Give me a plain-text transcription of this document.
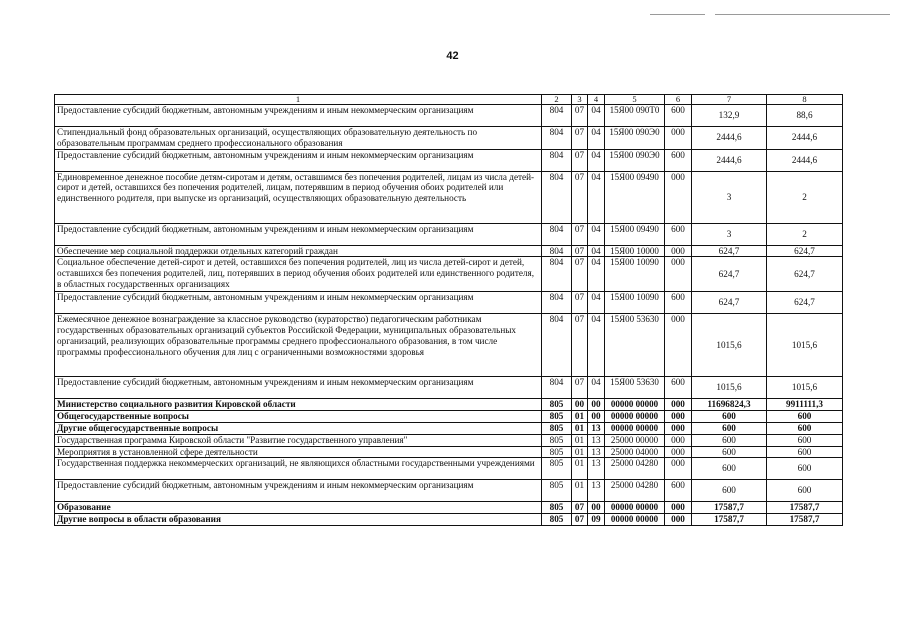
42
1	2	3	4	5	6	7	8
Предоставление субсидий бюджетным, автономным учреждениям и иным некоммерческим организациям	804	07	04	15Я00 090Т0	600	132,9	88,6
Стипендиальный фонд образовательных организаций, осуществляющих образовательную деятельность по образовательным программам среднего профессионального образования	804	07	04	15Я00 090Э0	000	2444,6	2444,6
Предоставление субсидий бюджетным, автономным учреждениям и иным некоммерческим организациям	804	07	04	15Я00 090Э0	600	2444,6	2444,6
Единовременное денежное пособие детям-сиротам и детям, оставшимся без попечения родителей, лицам из числа детей-сирот и детей, оставшихся без попечения родителей, лицам, потерявшим в период обучения обоих родителей или единственного родителя, при выпуске из организаций, осуществляющих образовательную деятельность	804	07	04	15Я00 09490	000	3	2
Предоставление субсидий бюджетным, автономным учреждениям и иным некоммерческим организациям	804	07	04	15Я00 09490	600	3	2
Обеспечение мер социальной поддержки отдельных категорий граждан	804	07	04	15Я00 10000	000	624,7	624,7
Социальное обеспечение детей-сирот и детей, оставшихся без попечения родителей, лиц из числа детей-сирот и детей, оставшихся без попечения родителей, лиц, потерявших в период обучения обоих родителей или единственного родителя, в областных государственных организациях	804	07	04	15Я00 10090	000	624,7	624,7
Предоставление субсидий бюджетным, автономным учреждениям и иным некоммерческим организациям	804	07	04	15Я00 10090	600	624,7	624,7
Ежемесячное денежное вознаграждение за классное руководство (кураторство) педагогическим работникам государственных образовательных организаций субъектов Российской Федерации, муниципальных образовательных организаций, реализующих образовательные программы среднего профессионального образования, в том числе программы профессионального обучения для лиц с ограниченными возможностями здоровья	804	07	04	15Я00 53630	000	1015,6	1015,6
Предоставление субсидий бюджетным, автономным учреждениям и иным некоммерческим организациям	804	07	04	15Я00 53630	600	1015,6	1015,6
Министерство социального развития Кировской области	805	00	00	00000 00000	000	11696824,3	9911111,3
Общегосударственные вопросы	805	01	00	00000 00000	000	600	600
Другие общегосударственные вопросы	805	01	13	00000 00000	000	600	600
Государственная программа Кировской области "Развитие государственного управления"	805	01	13	25000 00000	000	600	600
Мероприятия в установленной сфере деятельности	805	01	13	25000 04000	000	600	600
Государственная поддержка некоммерческих организаций, не являющихся областными государственными учреждениями	805	01	13	25000 04280	000	600	600
Предоставление субсидий бюджетным, автономным учреждениям и иным некоммерческим организациям	805	01	13	25000 04280	600	600	600
Образование	805	07	00	00000 00000	000	17587,7	17587,7
Другие вопросы в области образования	805	07	09	00000 00000	000	17587,7	17587,7
